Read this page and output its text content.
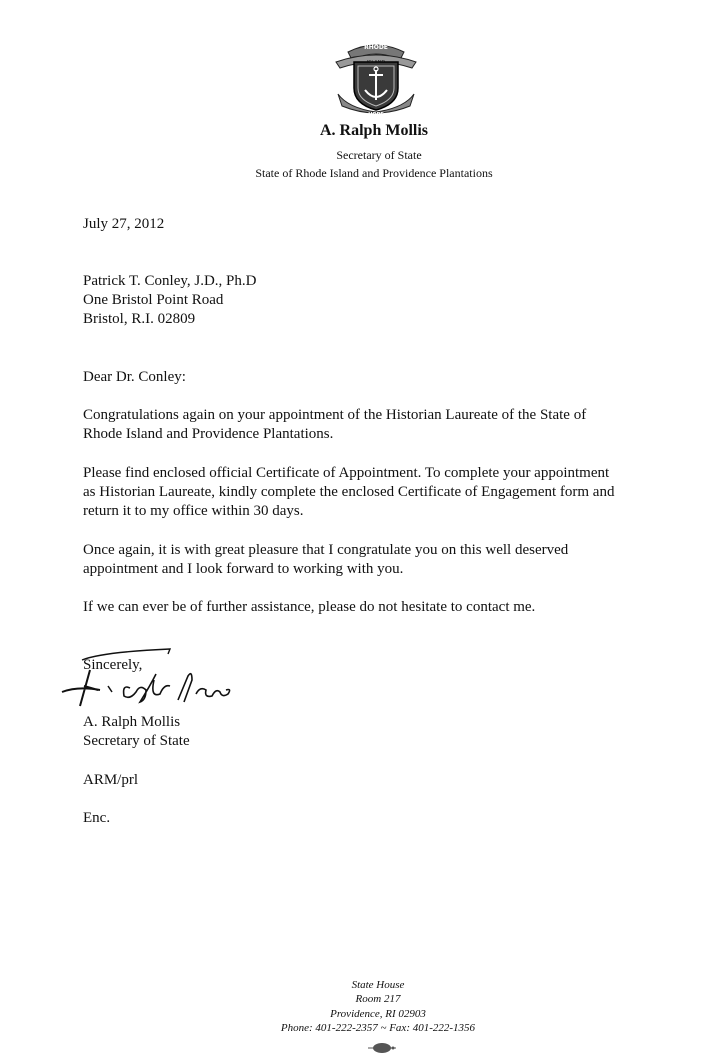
RHODE
HOPE
A. Ralph Mollis
Secretary of State
State of Rhode Island and Providence Plantations
July 27, 2012
Patrick T. Conley, J.D., Ph.D
One Bristol Point Road
Bristol, R.I. 02809
Dear Dr. Conley:
Congratulations again on your appointment of the Historian Laureate of the State of
Rhode Island and Providence Plantations.
Please find enclosed official Certificate of Appointment. To complete your appointment
as Historian Laureate, kindly complete the enclosed Certificate of Engagement form and
return it to my office within 30 days.
Once again, it is with great pleasure that I congratulate you on this well deserved
appointment and I look forward to working with you.
If we can ever be of further assistance, please do not hesitate to contact me.
Sincerely,
A. Ralph Mollis
Secretary of State
ARM/prl
Enc.
State House
Room 217
Providence, RI 02903
Phone: 401-222-2357 ~ Fax: 401-222-1356
